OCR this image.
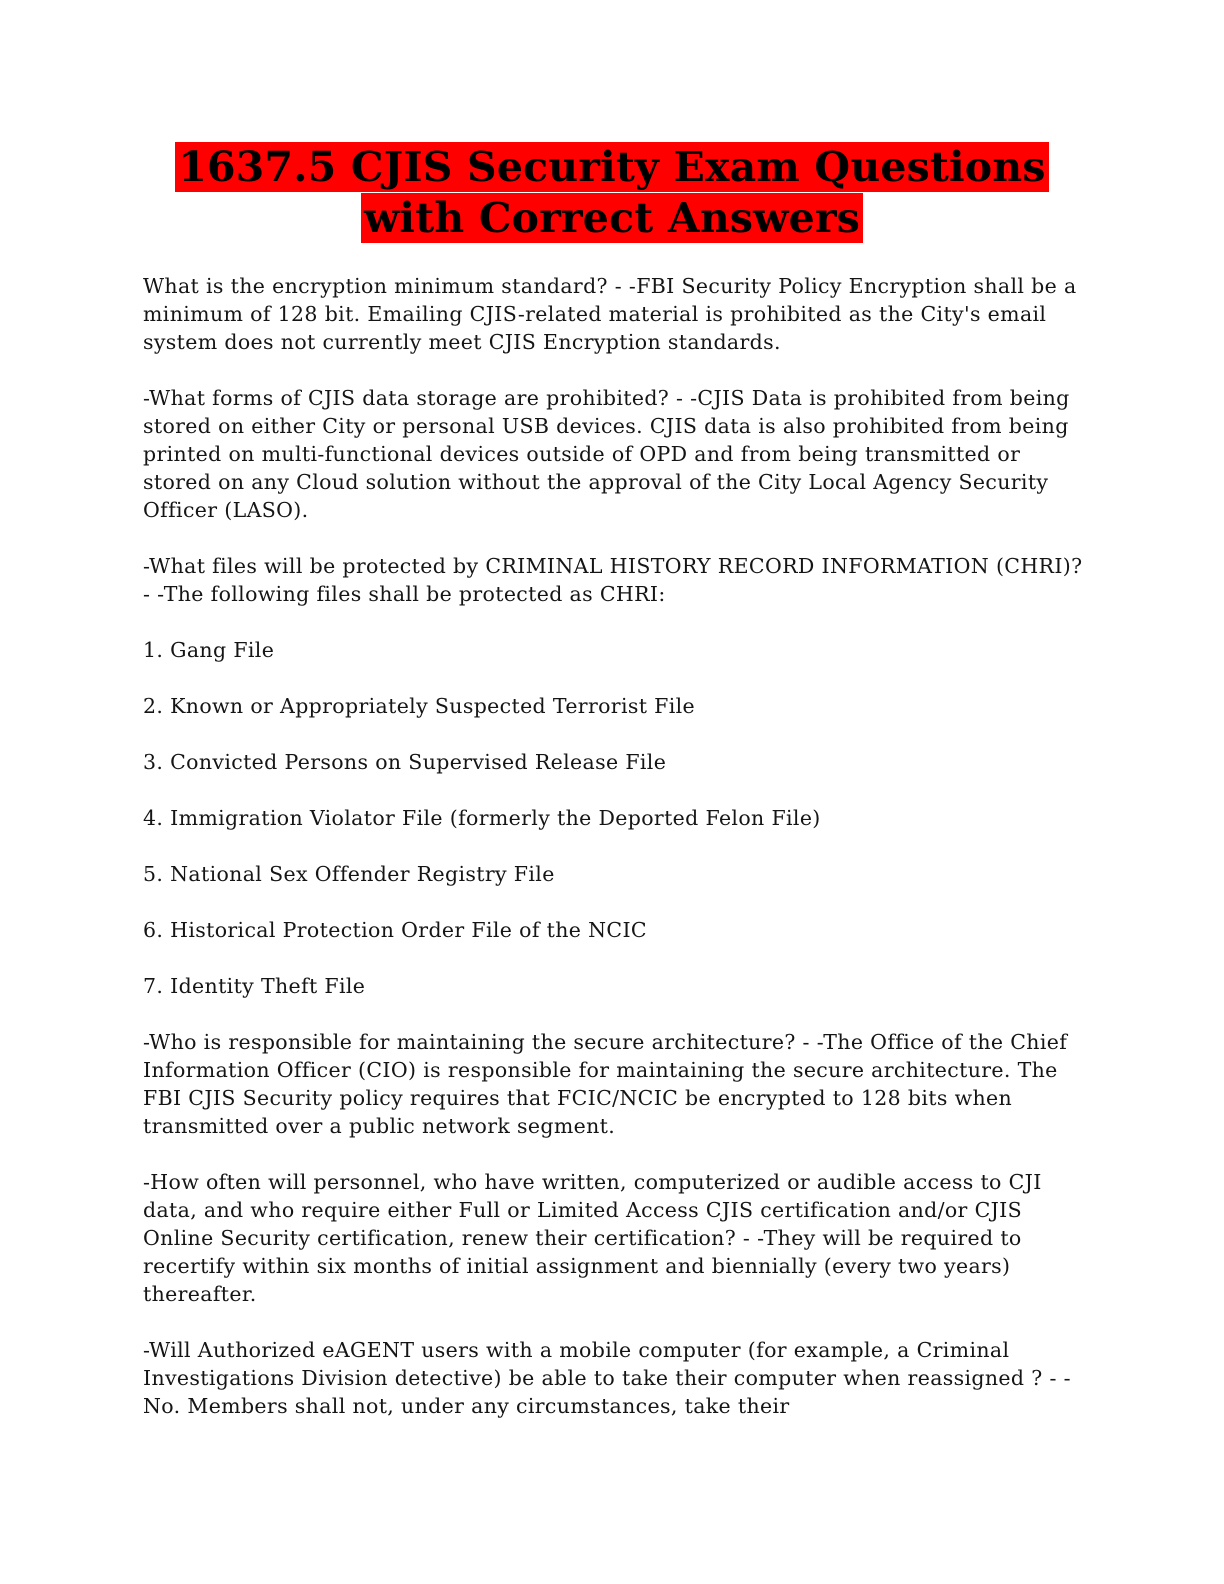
1637.5 CJIS Security Exam Questions
with Correct Answers

What is the encryption minimum standard? - -FBI Security Policy Encryption shall be a minimum of 128 bit. Emailing CJIS-related material is prohibited as the City's email system does not currently meet CJIS Encryption standards.

-What forms of CJIS data storage are prohibited? - -CJIS Data is prohibited from being stored on either City or personal USB devices. CJIS data is also prohibited from being printed on multi-functional devices outside of OPD and from being transmitted or stored on any Cloud solution without the approval of the City Local Agency Security Officer (LASO).

-What files will be protected by CRIMINAL HISTORY RECORD INFORMATION (CHRI)? - -The following files shall be protected as CHRI:

1. Gang File
2. Known or Appropriately Suspected Terrorist File
3. Convicted Persons on Supervised Release File
4. Immigration Violator File (formerly the Deported Felon File)
5. National Sex Offender Registry File
6. Historical Protection Order File of the NCIC
7. Identity Theft File

-Who is responsible for maintaining the secure architecture? - -The Office of the Chief Information Officer (CIO) is responsible for maintaining the secure architecture. The FBI CJIS Security policy requires that FCIC/NCIC be encrypted to 128 bits when transmitted over a public network segment.

-How often will personnel, who have written, computerized or audible access to CJI data, and who require either Full or Limited Access CJIS certification and/or CJIS Online Security certification, renew their certification? - -They will be required to recertify within six months of initial assignment and biennially (every two years) thereafter.

-Will Authorized eAGENT users with a mobile computer (for example, a Criminal Investigations Division detective) be able to take their computer when reassigned ? - -No. Members shall not, under any circumstances, take their
